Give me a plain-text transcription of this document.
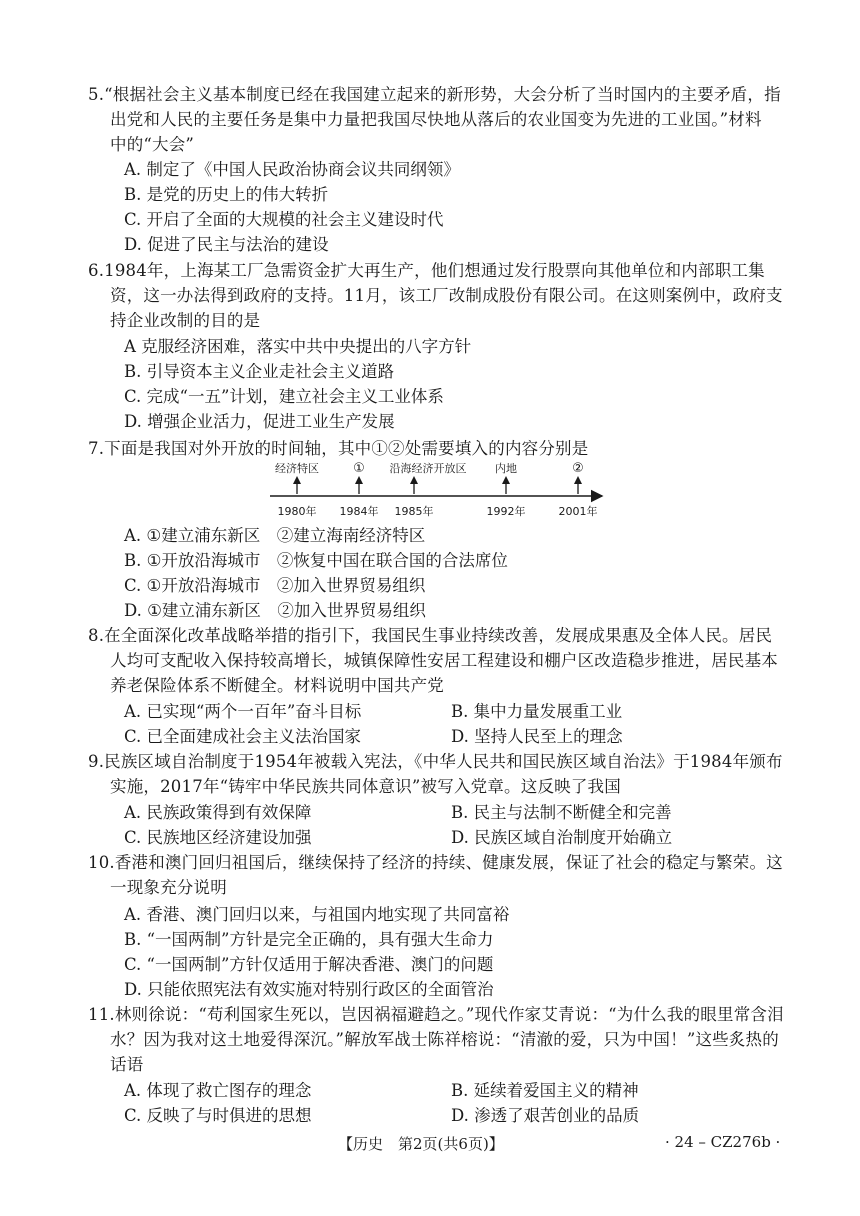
5.“根据社会主义基本制度已经在我国建立起来的新形势，大会分析了当时国内的主要矛盾，指
出党和人民的主要任务是集中力量把我国尽快地从落后的农业国变为先进的工业国。”材料
中的“大会”
A. 制定了《中国人民政治协商会议共同纲领》
B. 是党的历史上的伟大转折
C. 开启了全面的大规模的社会主义建设时代
D. 促进了民主与法治的建设
6.1984年，上海某工厂急需资金扩大再生产，他们想通过发行股票向其他单位和内部职工集
资，这一办法得到政府的支持。11月，该工厂改制成股份有限公司。在这则案例中，政府支
持企业改制的目的是
A 克服经济困难，落实中共中央提出的八字方针
B. 引导资本主义企业走社会主义道路
C. 完成“一五”计划，建立社会主义工业体系
D. 增强企业活力，促进工业生产发展
7.下面是我国对外开放的时间轴，其中①②处需要填入的内容分别是
经济特区	① 沿海经济开放区	内地	②
1980年 1984年 1985年	1992年	2001年
A. ①建立浦东新区　②建立海南经济特区
B. ①开放沿海城市　②恢复中国在联合国的合法席位
C. ①开放沿海城市　②加入世界贸易组织
D. ①建立浦东新区　②加入世界贸易组织
8.在全面深化改革战略举措的指引下，我国民生事业持续改善，发展成果惠及全体人民。居民
人均可支配收入保持较高增长，城镇保障性安居工程建设和棚户区改造稳步推进，居民基本
养老保险体系不断健全。材料说明中国共产党
A. 已实现“两个一百年”奋斗目标	B. 集中力量发展重工业
C. 已全面建成社会主义法治国家	D. 坚持人民至上的理念
9.民族区域自治制度于1954年被载入宪法，《中华人民共和国民族区域自治法》于1984年颁布
实施，2017年“铸牢中华民族共同体意识”被写入党章。这反映了我国
A. 民族政策得到有效保障	B. 民主与法制不断健全和完善
C. 民族地区经济建设加强	D. 民族区域自治制度开始确立
10.香港和澳门回归祖国后，继续保持了经济的持续、健康发展，保证了社会的稳定与繁荣。这
一现象充分说明
A. 香港、澳门回归以来，与祖国内地实现了共同富裕
B. “一国两制”方针是完全正确的，具有强大生命力
C. “一国两制”方针仅适用于解决香港、澳门的问题
D. 只能依照宪法有效实施对特别行政区的全面管治
11.林则徐说：“苟利国家生死以，岂因祸福避趋之。”现代作家艾青说：“为什么我的眼里常含泪
水？因为我对这土地爱得深沉。”解放军战士陈祥榕说：“清澈的爱，只为中国！”这些炙热的
话语
A. 体现了救亡图存的理念	B. 延续着爱国主义的精神
C. 反映了与时俱进的思想	D. 渗透了艰苦创业的品质
【历史　第2页(共6页)】	· 24 – CZ276b ·
